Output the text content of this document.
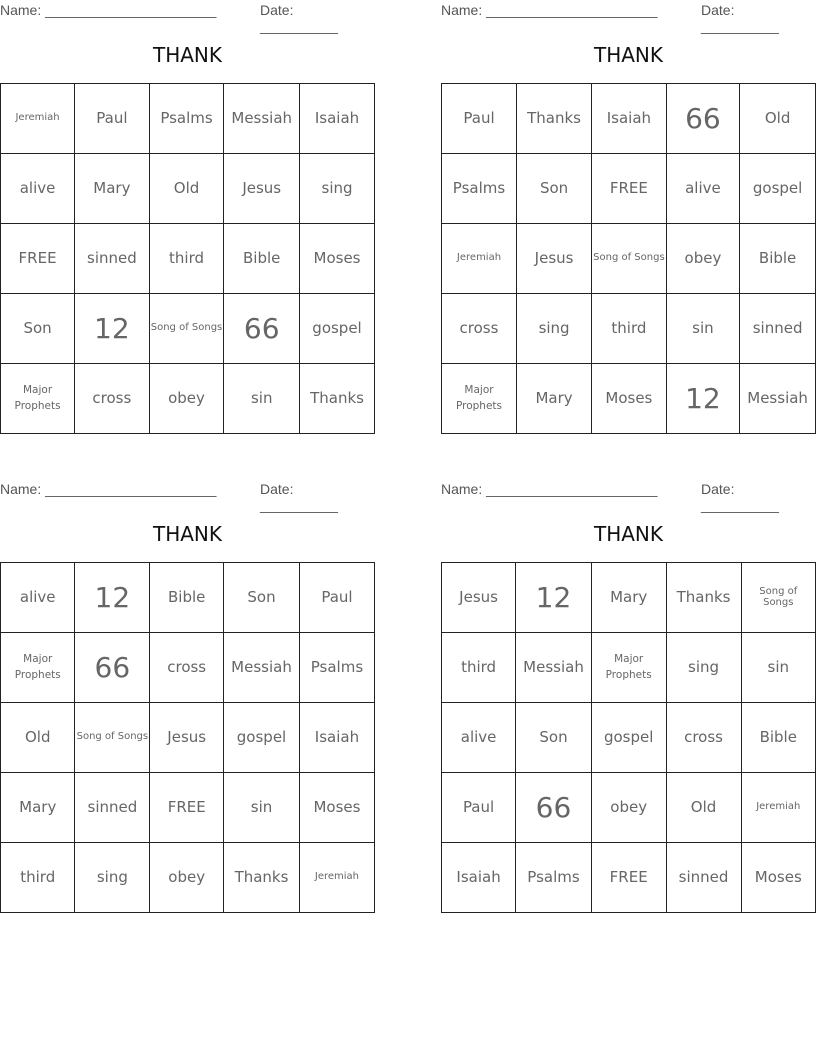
Name: ______________________	Date: __________
THANK
Jeremiah	Paul	Psalms	Messiah	Isaiah
alive	Mary	Old	Jesus	sing
FREE	sinned	third	Bible	Moses
Son	12	Song of Songs	66	gospel
Major Prophets	cross	obey	sin	Thanks
Name: ______________________	Date: __________
THANK
Paul	Thanks	Isaiah	66	Old
Psalms	Son	FREE	alive	gospel
Jeremiah	Jesus	Song of Songs	obey	Bible
cross	sing	third	sin	sinned
Major Prophets	Mary	Moses	12	Messiah
Name: ______________________	Date: __________
THANK
alive	12	Bible	Son	Paul
Major Prophets	66	cross	Messiah	Psalms
Old	Song of Songs	Jesus	gospel	Isaiah
Mary	sinned	FREE	sin	Moses
third	sing	obey	Thanks	Jeremiah
Name: ______________________	Date: __________
THANK
Jesus	12	Mary	Thanks	Song of Songs
third	Messiah	Major Prophets	sing	sin
alive	Son	gospel	cross	Bible
Paul	66	obey	Old	Jeremiah
Isaiah	Psalms	FREE	sinned	Moses
